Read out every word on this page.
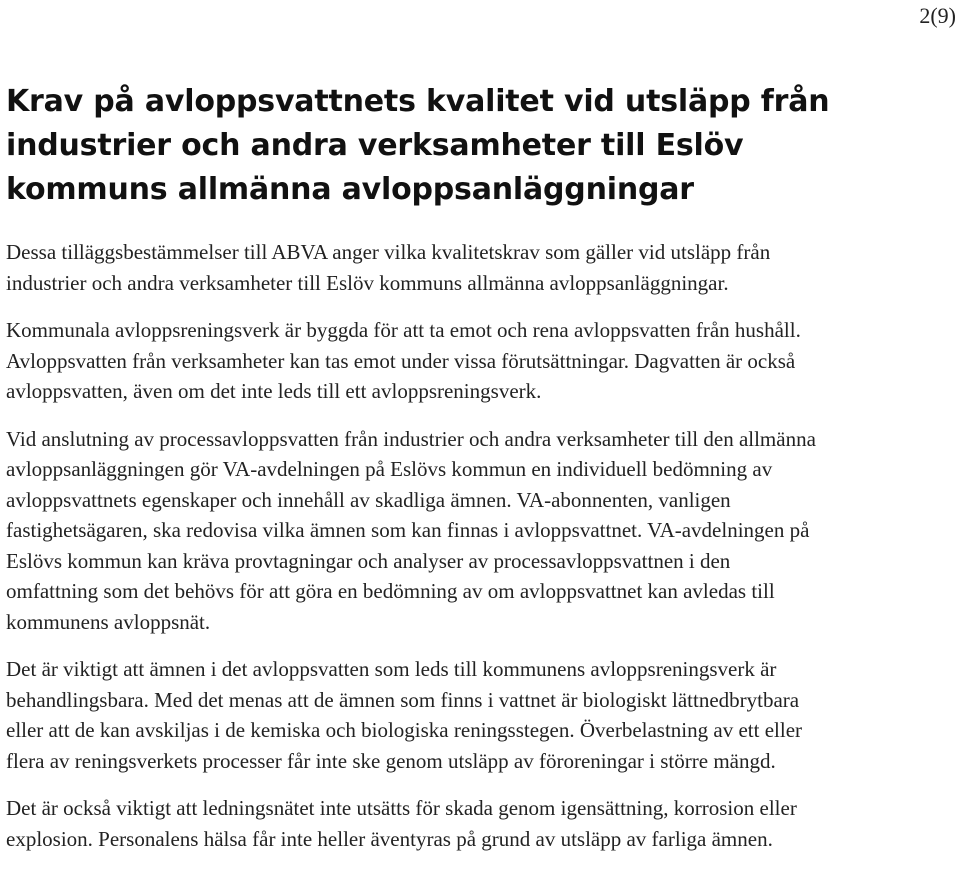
2(9)
Krav på avloppsvattnets kvalitet vid utsläpp från
industrier och andra verksamheter till Eslöv
kommuns allmänna avloppsanläggningar

Dessa tilläggsbestämmelser till ABVA anger vilka kvalitetskrav som gäller vid utsläpp från
industrier och andra verksamheter till Eslöv kommuns allmänna avloppsanläggningar.

Kommunala avloppsreningsverk är byggda för att ta emot och rena avloppsvatten från hushåll.
Avloppsvatten från verksamheter kan tas emot under vissa förutsättningar. Dagvatten är också
avloppsvatten, även om det inte leds till ett avloppsreningsverk.

Vid anslutning av processavloppsvatten från industrier och andra verksamheter till den allmänna
avloppsanläggningen gör VA-avdelningen på Eslövs kommun en individuell bedömning av
avloppsvattnets egenskaper och innehåll av skadliga ämnen. VA-abonnenten, vanligen
fastighetsägaren, ska redovisa vilka ämnen som kan finnas i avloppsvattnet. VA-avdelningen på
Eslövs kommun kan kräva provtagningar och analyser av processavloppsvattnen i den
omfattning som det behövs för att göra en bedömning av om avloppsvattnet kan avledas till
kommunens avloppsnät.

Det är viktigt att ämnen i det avloppsvatten som leds till kommunens avloppsreningsverk är
behandlingsbara. Med det menas att de ämnen som finns i vattnet är biologiskt lättnedbrytbara
eller att de kan avskiljas i de kemiska och biologiska reningsstegen. Överbelastning av ett eller
flera av reningsverkets processer får inte ske genom utsläpp av föroreningar i större mängd.

Det är också viktigt att ledningsnätet inte utsätts för skada genom igensättning, korrosion eller
explosion. Personalens hälsa får inte heller äventyras på grund av utsläpp av farliga ämnen.
